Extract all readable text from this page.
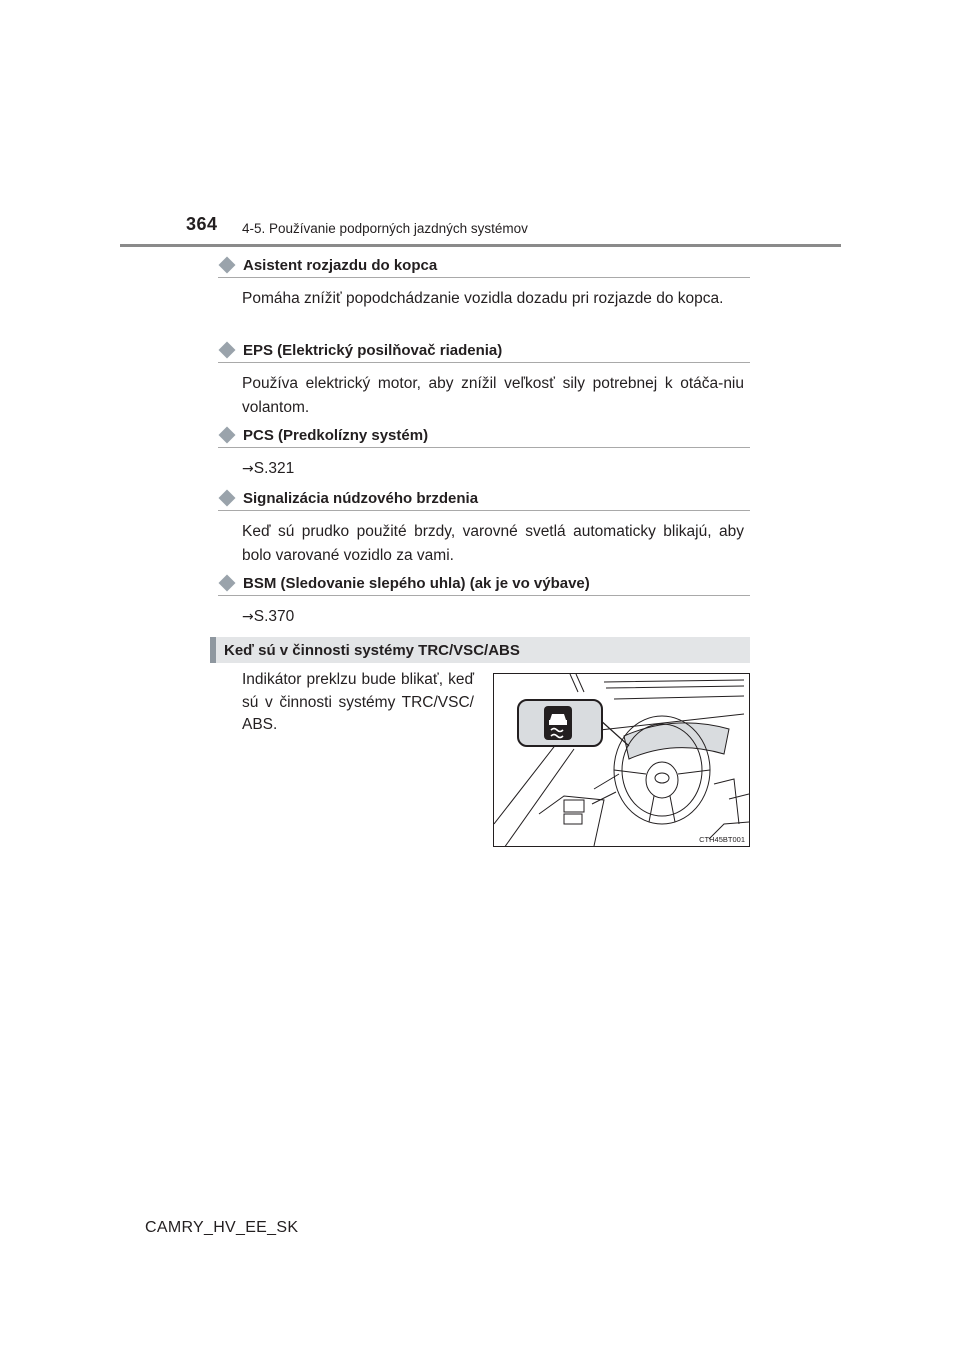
364 4-5. Používanie podporných jazdných systémov
Asistent rozjazdu do kopca
Pomáha znížiť popodchádzanie vozidla dozadu pri rozjazde do kopca.
EPS (Elektrický posilňovač riadenia)
Používa elektrický motor, aby znížil veľkosť sily potrebnej k otáča-niu volantom.
PCS (Predkolízny systém)
→S.321
Signalizácia núdzového brzdenia
Keď sú prudko použité brzdy, varovné svetlá automaticky blikajú, aby bolo varované vozidlo za vami.
BSM (Sledovanie slepého uhla) (ak je vo výbave)
→S.370
Keď sú v činnosti systémy TRC/VSC/ABS
Indikátor preklzu bude blikať, keď sú v činnosti systémy TRC/VSC/ ABS.
CTH45BT001
CAMRY_HV_EE_SK
